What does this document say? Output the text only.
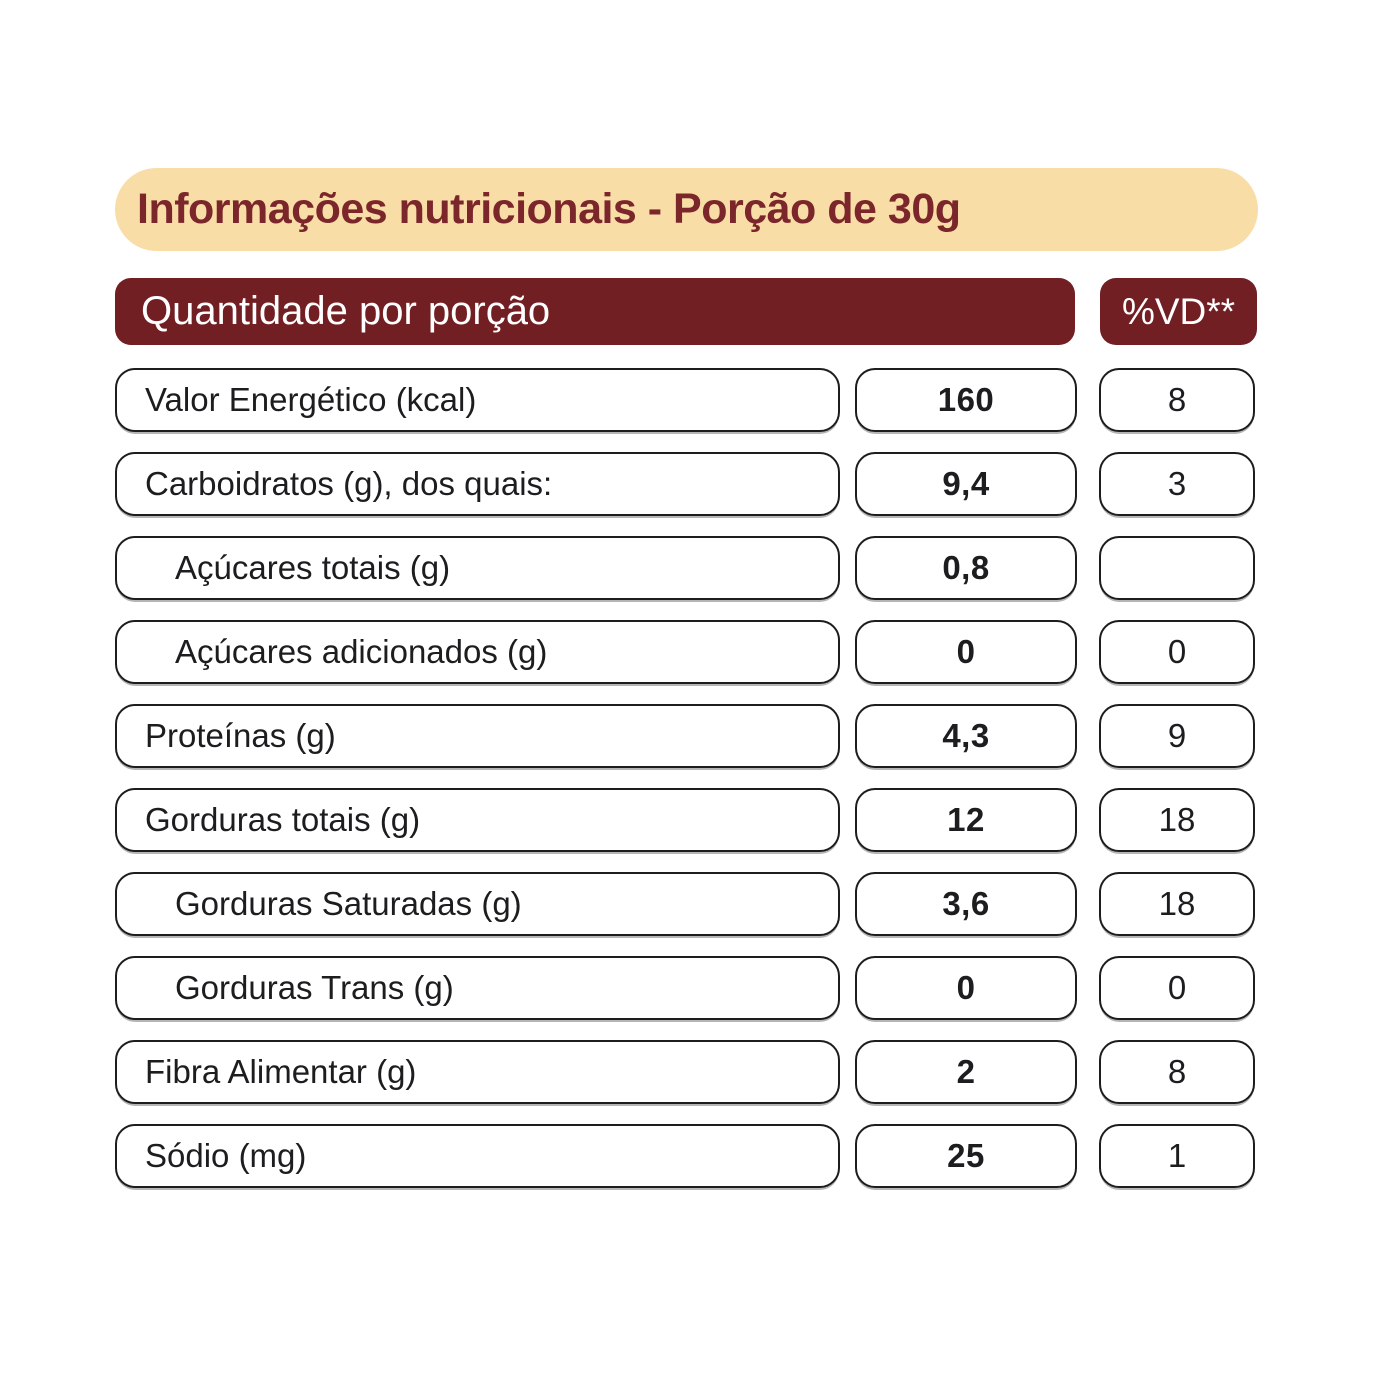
Informações nutricionais - Porção de 30g
Quantidade por porção	%VD**
Valor Energético (kcal)	160	8
Carboidratos (g), dos quais:	9,4	3
Açúcares totais (g)	0,8
Açúcares adicionados (g)	0	0
Proteínas (g)	4,3	9
Gorduras totais (g)	12	18
Gorduras Saturadas (g)	3,6	18
Gorduras Trans (g)	0	0
Fibra Alimentar (g)	2	8
Sódio (mg)	25	1
